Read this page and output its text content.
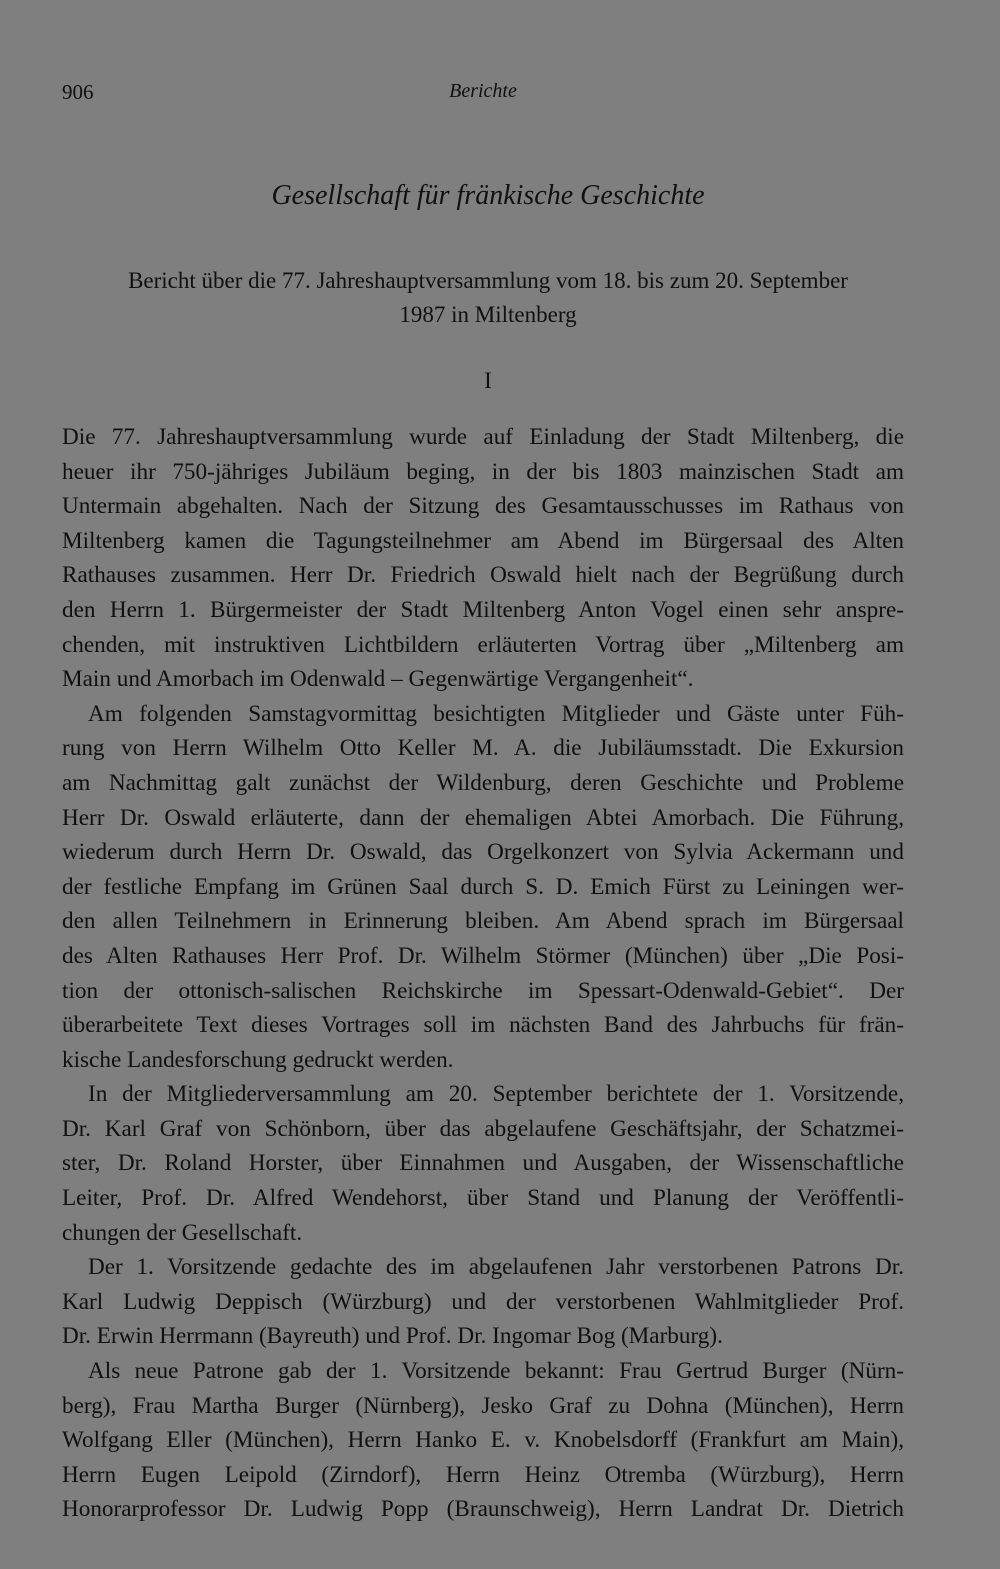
906	Berichte
Gesellschaft für fränkische Geschichte
Bericht über die 77. Jahreshauptversammlung vom 18. bis zum 20. September
1987 in Miltenberg
I
Die 77. Jahreshauptversammlung wurde auf Einladung der Stadt Miltenberg, die
heuer ihr 750-jähriges Jubiläum beging, in der bis 1803 mainzischen Stadt am
Untermain abgehalten. Nach der Sitzung des Gesamtausschusses im Rathaus von
Miltenberg kamen die Tagungsteilnehmer am Abend im Bürgersaal des Alten
Rathauses zusammen. Herr Dr. Friedrich Oswald hielt nach der Begrüßung durch
den Herrn 1. Bürgermeister der Stadt Miltenberg Anton Vogel einen sehr anspre-
chenden, mit instruktiven Lichtbildern erläuterten Vortrag über „Miltenberg am
Main und Amorbach im Odenwald – Gegenwärtige Vergangenheit“.
Am folgenden Samstagvormittag besichtigten Mitglieder und Gäste unter Füh-
rung von Herrn Wilhelm Otto Keller M. A. die Jubiläumsstadt. Die Exkursion
am Nachmittag galt zunächst der Wildenburg, deren Geschichte und Probleme
Herr Dr. Oswald erläuterte, dann der ehemaligen Abtei Amorbach. Die Führung,
wiederum durch Herrn Dr. Oswald, das Orgelkonzert von Sylvia Ackermann und
der festliche Empfang im Grünen Saal durch S. D. Emich Fürst zu Leiningen wer-
den allen Teilnehmern in Erinnerung bleiben. Am Abend sprach im Bürgersaal
des Alten Rathauses Herr Prof. Dr. Wilhelm Störmer (München) über „Die Posi-
tion der ottonisch-salischen Reichskirche im Spessart-Odenwald-Gebiet“. Der
überarbeitete Text dieses Vortrages soll im nächsten Band des Jahrbuchs für frän-
kische Landesforschung gedruckt werden.
In der Mitgliederversammlung am 20. September berichtete der 1. Vorsitzende,
Dr. Karl Graf von Schönborn, über das abgelaufene Geschäftsjahr, der Schatzmei-
ster, Dr. Roland Horster, über Einnahmen und Ausgaben, der Wissenschaftliche
Leiter, Prof. Dr. Alfred Wendehorst, über Stand und Planung der Veröffentli-
chungen der Gesellschaft.
Der 1. Vorsitzende gedachte des im abgelaufenen Jahr verstorbenen Patrons Dr.
Karl Ludwig Deppisch (Würzburg) und der verstorbenen Wahlmitglieder Prof.
Dr. Erwin Herrmann (Bayreuth) und Prof. Dr. Ingomar Bog (Marburg).
Als neue Patrone gab der 1. Vorsitzende bekannt: Frau Gertrud Burger (Nürn-
berg), Frau Martha Burger (Nürnberg), Jesko Graf zu Dohna (München), Herrn
Wolfgang Eller (München), Herrn Hanko E. v. Knobelsdorff (Frankfurt am Main),
Herrn Eugen Leipold (Zirndorf), Herrn Heinz Otremba (Würzburg), Herrn
Honorarprofessor Dr. Ludwig Popp (Braunschweig), Herrn Landrat Dr. Dietrich
